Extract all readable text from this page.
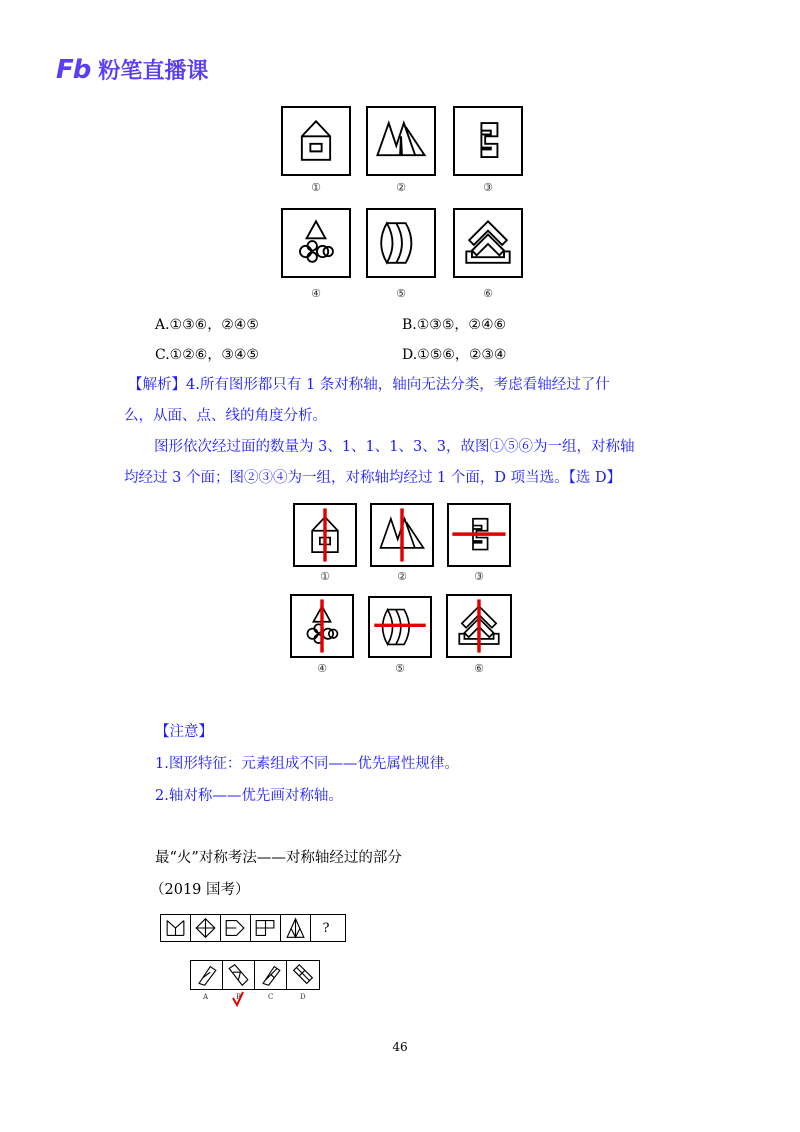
Fb 粉笔直播课
①	②	③
④	⑤	⑥
A.①③⑥，②④⑤	B.①③⑤，②④⑥
C.①②⑥，③④⑤	D.①⑤⑥，②③④
【解析】4.所有图形都只有 1 条对称轴，轴向无法分类，考虑看轴经过了什
么，从面、点、线的角度分析。
图形依次经过面的数量为 3、1、1、1、3、3，故图①⑤⑥为一组，对称轴
均经过 3 个面；图②③④为一组，对称轴均经过 1 个面，D 项当选。【选 D】
①	②	③
④	⑤	⑥
【注意】
1.图形特征：元素组成不同——优先属性规律。
2.轴对称——优先画对称轴。
最“火”对称考法——对称轴经过的部分
（2019 国考）
?
A	B	C	D
46
